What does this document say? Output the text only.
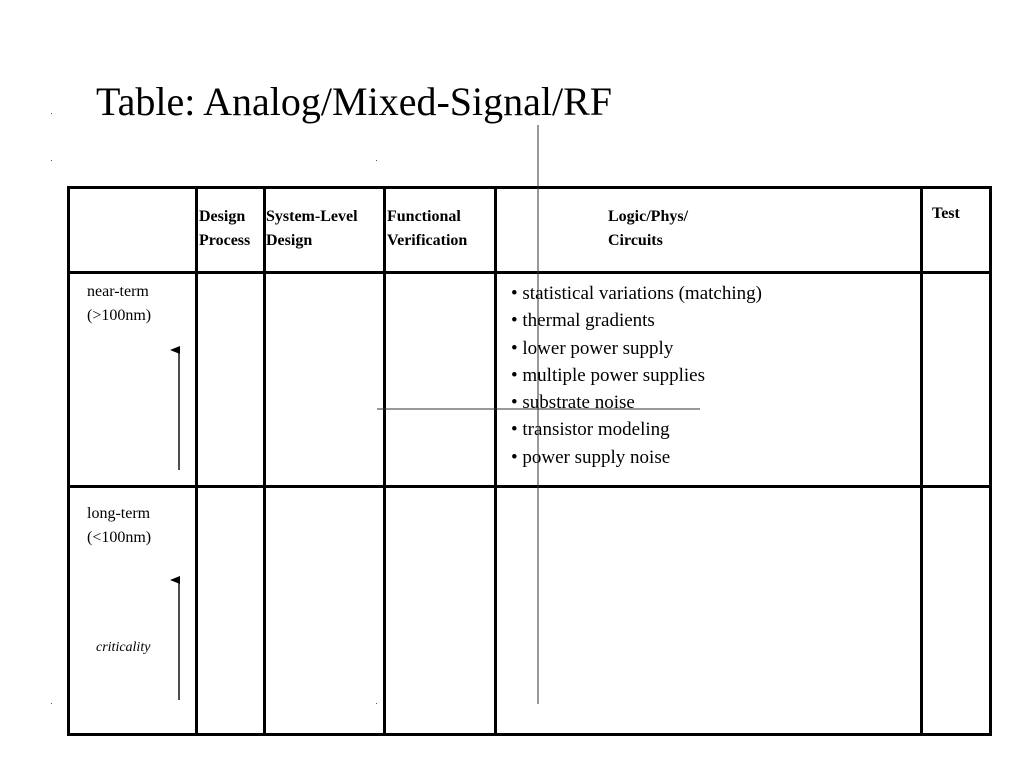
Table: Analog/Mixed-Signal/RF
Design
Process
System-Level
Design
Functional
Verification
Logic/Phys/
Circuits
Test
near-term
(>100nm)
long-term
(<100nm)
• statistical variations (matching)
• thermal gradients
• lower power supply
• multiple power supplies
• substrate noise
• transistor modeling
• power supply noise
criticality
